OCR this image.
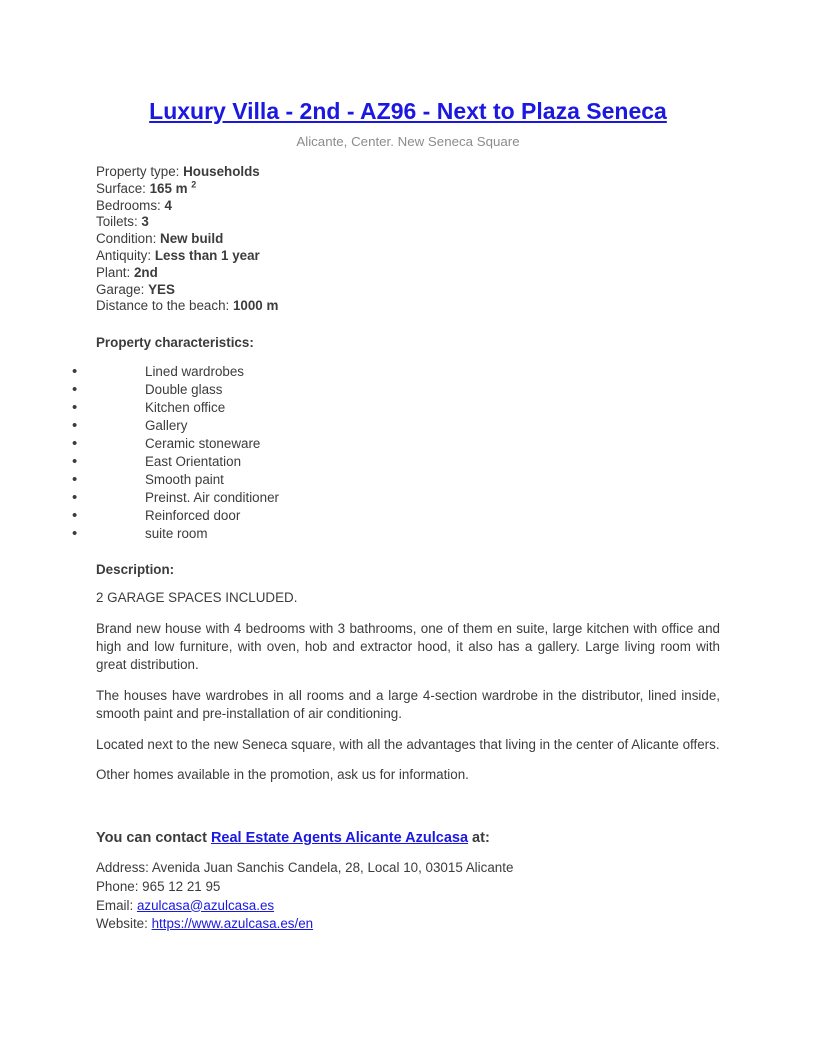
Luxury Villa - 2nd - AZ96 - Next to Plaza Seneca
Alicante, Center. New Seneca Square
Property type: Households
Surface: 165 m $^2$
Bedrooms: 4
Toilets: 3
Condition: New build
Antiquity: Less than 1 year
Plant: 2nd
Garage: YES
Distance to the beach: 1000 m
Property characteristics:
• Lined wardrobes
• Double glass
• Kitchen office
• Gallery
• Ceramic stoneware
• East Orientation
• Smooth paint
• Preinst. Air conditioner
• Reinforced door
• suite room
Description:

2 GARAGE SPACES INCLUDED.

Brand new house with 4 bedrooms with 3 bathrooms, one of them en suite, large kitchen with office and high and low furniture, with oven, hob and extractor hood, it also has a gallery. Large living room with great distribution.

The houses have wardrobes in all rooms and a large 4-section wardrobe in the distributor, lined inside, smooth paint and pre-installation of air conditioning.

Located next to the new Seneca square, with all the advantages that living in the center of Alicante offers.

Other homes available in the promotion, ask us for information.

You can contact Real Estate Agents Alicante Azulcasa at:
Address: Avenida Juan Sanchis Candela, 28, Local 10, 03015 Alicante
Phone: 965 12 21 95
Email: azulcasa@azulcasa.es
Website: https://www.azulcasa.es/en
